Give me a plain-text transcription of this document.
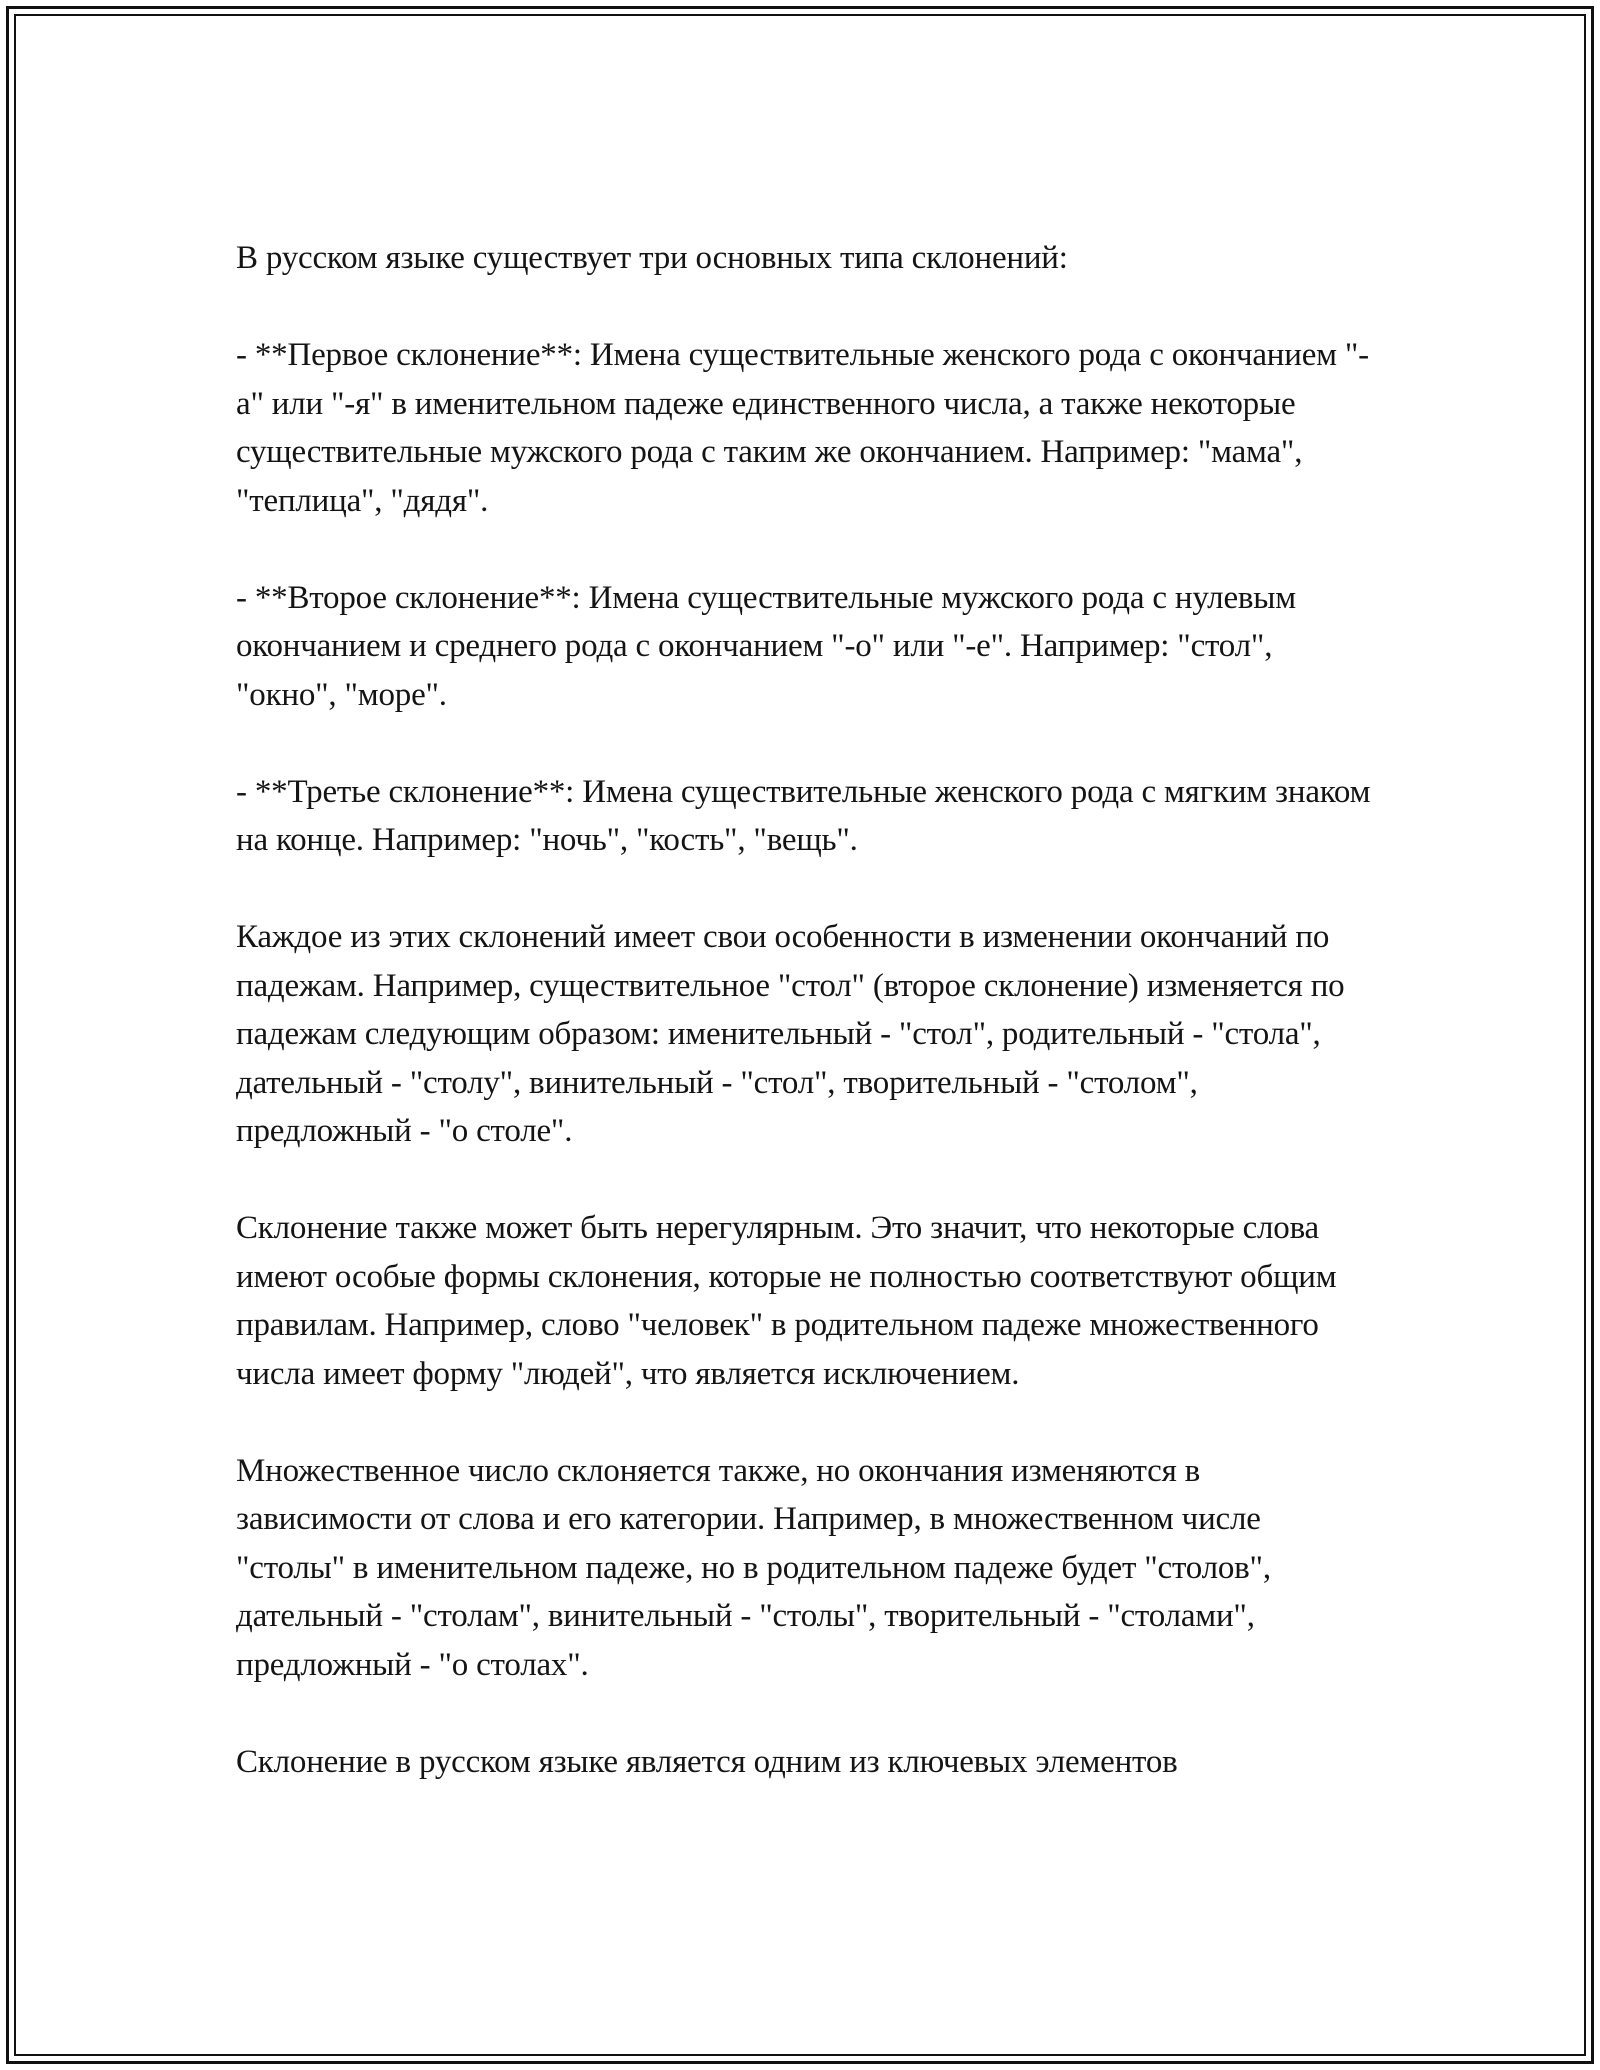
В русском языке существует три основных типа склонений:

- **Первое склонение**: Имена существительные женского рода с окончанием "-а" или "-я" в именительном падеже единственного числа, а также некоторые существительные мужского рода с таким же окончанием. Например: "мама", "теплица", "дядя".

- **Второе склонение**: Имена существительные мужского рода с нулевым окончанием и среднего рода с окончанием "-о" или "-е". Например: "стол", "окно", "море".

- **Третье склонение**: Имена существительные женского рода с мягким знаком на конце. Например: "ночь", "кость", "вещь".

Каждое из этих склонений имеет свои особенности в изменении окончаний по падежам. Например, существительное "стол" (второе склонение) изменяется по падежам следующим образом: именительный - "стол", родительный - "стола", дательный - "столу", винительный - "стол", творительный - "столом", предложный - "о столе".

Склонение также может быть нерегулярным. Это значит, что некоторые слова имеют особые формы склонения, которые не полностью соответствуют общим правилам. Например, слово "человек" в родительном падеже множественного числа имеет форму "людей", что является исключением.

Множественное число склоняется также, но окончания изменяются в зависимости от слова и его категории. Например, в множественном числе "столы" в именительном падеже, но в родительном падеже будет "столов", дательный - "столам", винительный - "столы", творительный - "столами", предложный - "о столах".

Склонение в русском языке является одним из ключевых элементов
